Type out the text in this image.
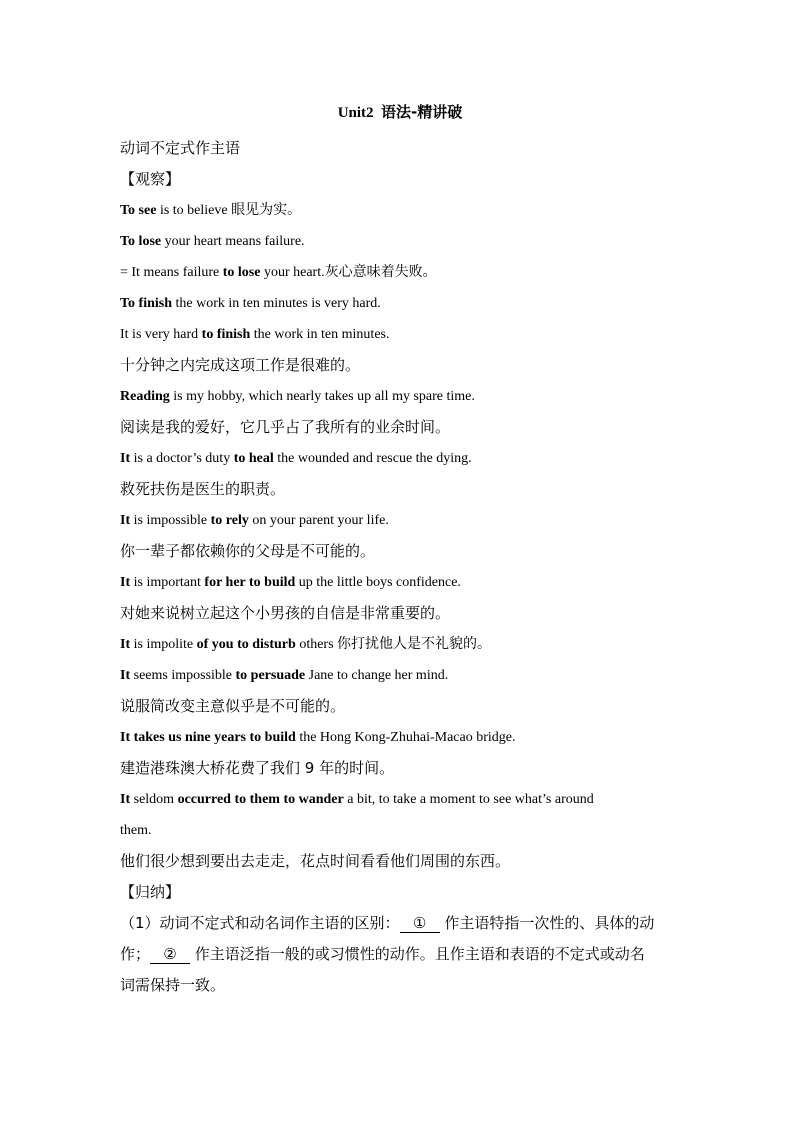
Unit2 语法-精讲破
动词不定式作主语
【观察】
To see is to believe 眼见为实。
To lose your heart means failure.
= It means failure to lose your heart.灰心意味着失败。
To finish the work in ten minutes is very hard.
It is very hard to finish the work in ten minutes.
十分钟之内完成这项工作是很难的。
Reading is my hobby, which nearly takes up all my spare time.
阅读是我的爱好，它几乎占了我所有的业余时间。
It is a doctor’s duty to heal the wounded and rescue the dying.
救死扶伤是医生的职责。
It is impossible to rely on your parent your life.
你一辈子都依赖你的父母是不可能的。
It is important for her to build up the little boys confidence.
对她来说树立起这个小男孩的自信是非常重要的。
It is impolite of you to disturb others 你打扰他人是不礼貌的。
It seems impossible to persuade Jane to change her mind.
说服简改变主意似乎是不可能的。
It takes us nine years to build the Hong Kong-Zhuhai-Macao bridge.
建造港珠澳大桥花费了我们 9 年的时间。
It seldom occurred to them to wander a bit, to take a moment to see what’s around
them.
他们很少想到要出去走走，花点时间看看他们周围的东西。
【归纳】
（1）动词不定式和动名词作主语的区别： ① 作主语特指一次性的、具体的动
作； ② 作主语泛指一般的或习惯性的动作。且作主语和表语的不定式或动名
词需保持一致。
